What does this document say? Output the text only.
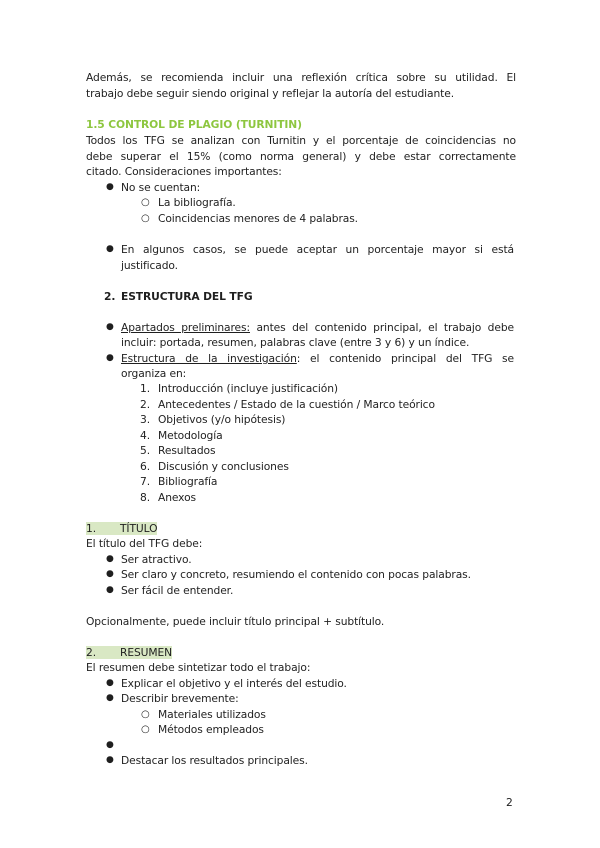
Además, se recomienda incluir una reflexión crítica sobre su utilidad. El
trabajo debe seguir siendo original y reflejar la autoría del estudiante.
1.5 CONTROL DE PLAGIO (TURNITIN)
Todos los TFG se analizan con Turnitin y el porcentaje de coincidencias no
debe superar el 15% (como norma general) y debe estar correctamente
citado. Consideraciones importantes:
● No se cuentan:
○ La bibliografía.
○ Coincidencias menores de 4 palabras.
● En algunos casos, se puede aceptar un porcentaje mayor si está
justificado.
2. ESTRUCTURA DEL TFG
● Apartados preliminares: antes del contenido principal, el trabajo debe
incluir: portada, resumen, palabras clave (entre 3 y 6) y un índice.
● Estructura de la investigación: el contenido principal del TFG se
organiza en:
1. Introducción (incluye justificación)
2. Antecedentes / Estado de la cuestión / Marco teórico
3. Objetivos (y/o hipótesis)
4. Metodología
5. Resultados
6. Discusión y conclusiones
7. Bibliografía
8. Anexos
1. TÍTULO
El título del TFG debe:
● Ser atractivo.
● Ser claro y concreto, resumiendo el contenido con pocas palabras.
● Ser fácil de entender.
Opcionalmente, puede incluir título principal + subtítulo.
2. RESUMEN
El resumen debe sintetizar todo el trabajo:
● Explicar el objetivo y el interés del estudio.
● Describir brevemente:
○ Materiales utilizados
○ Métodos empleados
●
● Destacar los resultados principales.
2
